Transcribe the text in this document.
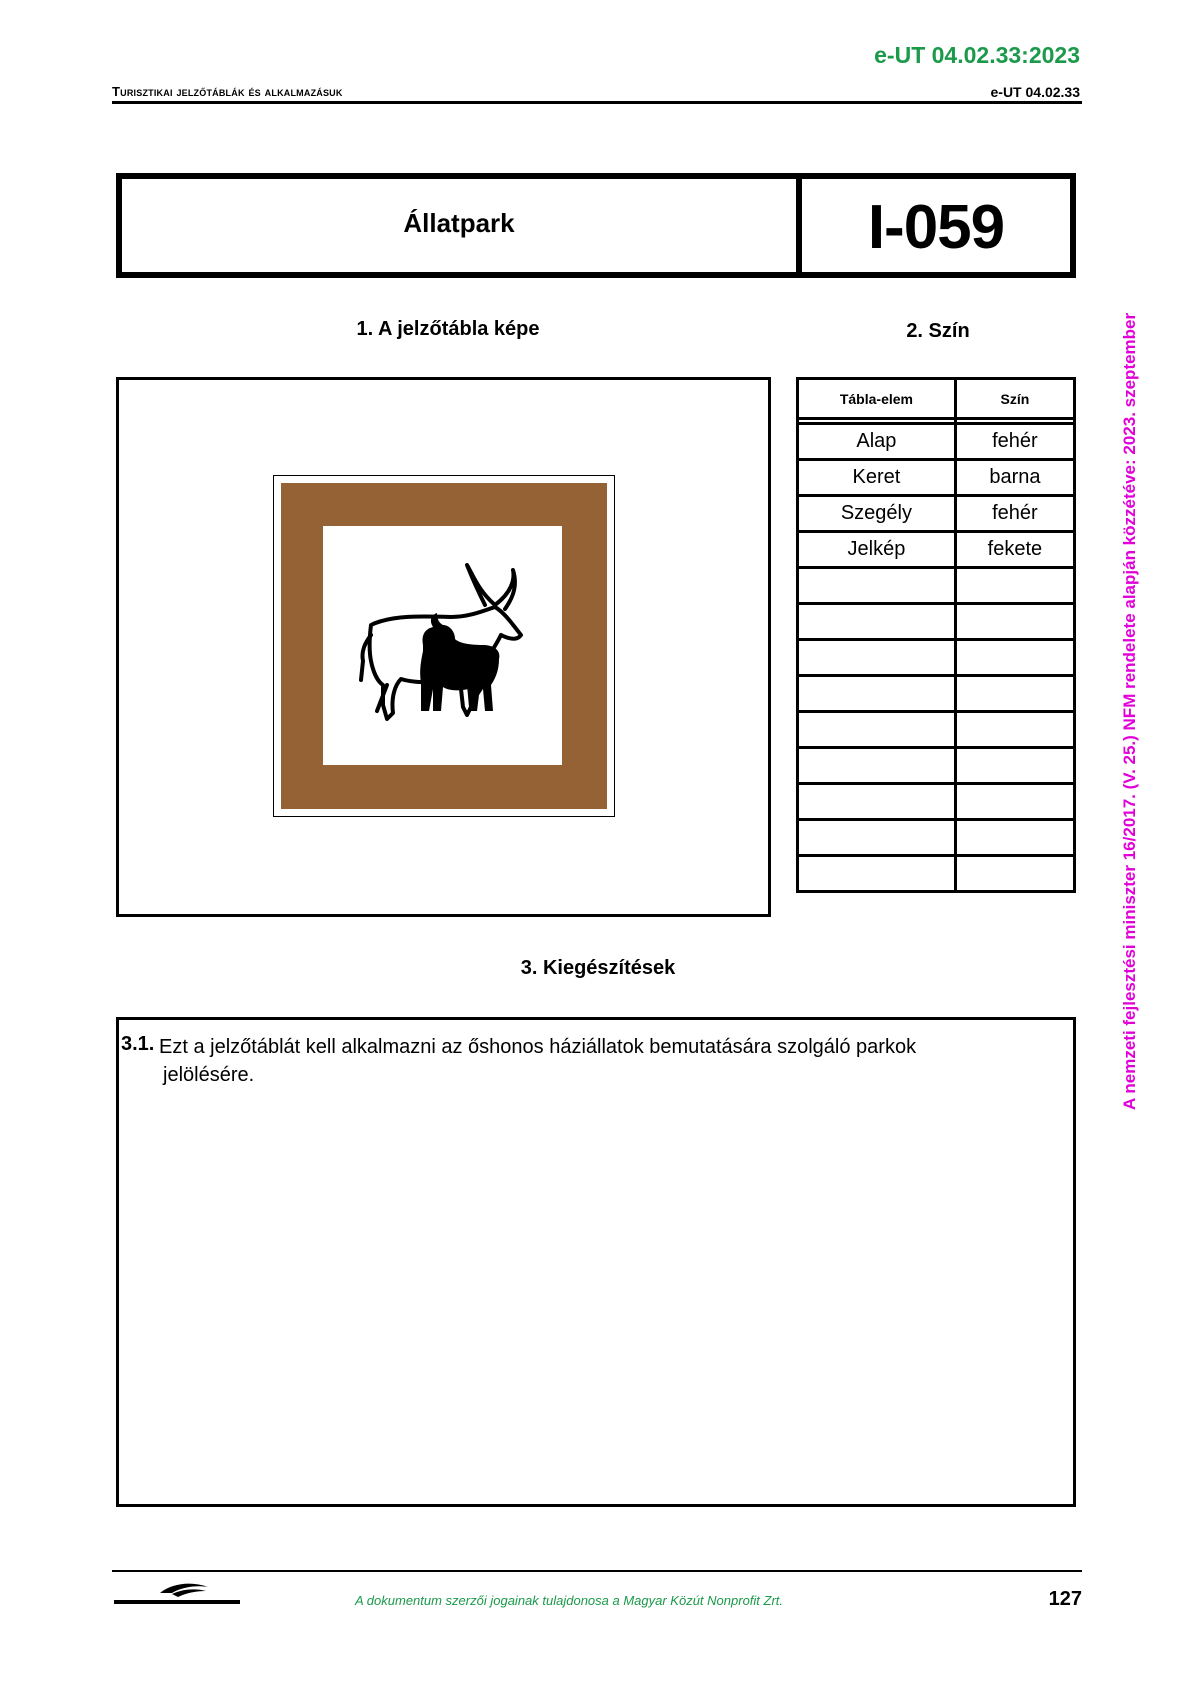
e-UT 04.02.33:2023
Turisztikai jelzőtáblák és alkalmazásuk	e-UT 04.02.33
Állatpark	I-059
1. A jelzőtábla képe	2. Szín
Tábla-elem	Szín

Alap	fehér
Keret	barna
Szegély	fehér
Jelkép	fekete

3. Kiegészítések
3.1. Ezt a jelzőtáblát kell alkalmazni az őshonos háziállatok bemutatására szolgáló parkok jelölésére.	A nemzeti fejlesztési miniszter 16/2017. (V. 25.) NFM rendelete alapján közzétéve: 2023. szeptember
A dokumentum szerzői jogainak tulajdonosa a Magyar Közút Nonprofit Zrt.	127
